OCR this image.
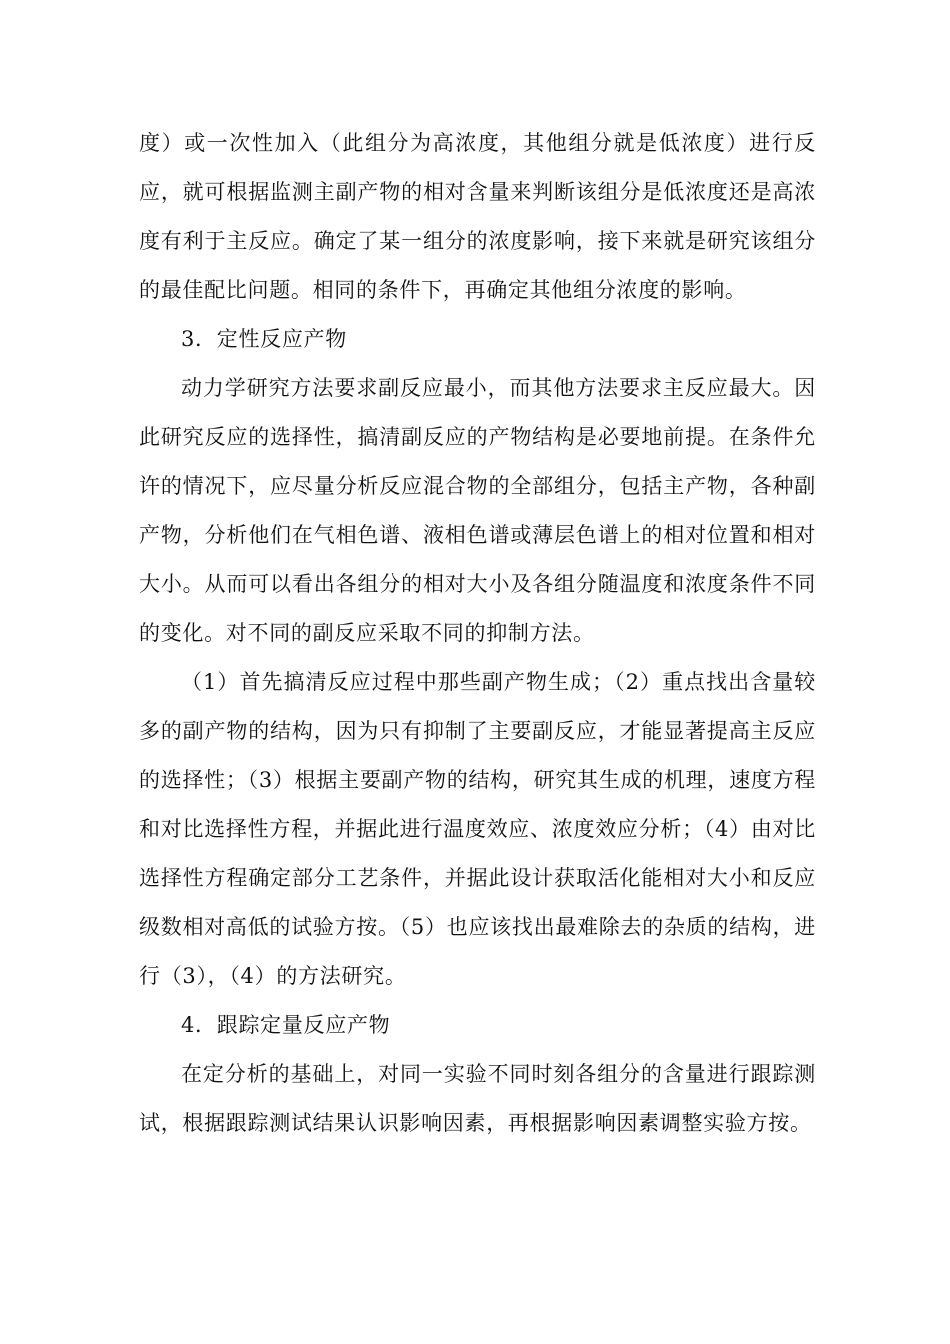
度）或一次性加入（此组分为高浓度，其他组分就是低浓度）进行反应，就可根据监测主副产物的相对含量来判断该组分是低浓度还是高浓度有利于主反应。确定了某一组分的浓度影响，接下来就是研究该组分的最佳配比问题。相同的条件下，再确定其他组分浓度的影响。

3．定性反应产物

动力学研究方法要求副反应最小，而其他方法要求主反应最大。因此研究反应的选择性，搞清副反应的产物结构是必要地前提。在条件允许的情况下，应尽量分析反应混合物的全部组分，包括主产物，各种副产物，分析他们在气相色谱、液相色谱或薄层色谱上的相对位置和相对大小。从而可以看出各组分的相对大小及各组分随温度和浓度条件不同的变化。对不同的副反应采取不同的抑制方法。

（1）首先搞清反应过程中那些副产物生成；（2）重点找出含量较多的副产物的结构，因为只有抑制了主要副反应，才能显著提高主反应的选择性；（3）根据主要副产物的结构，研究其生成的机理，速度方程和对比选择性方程，并据此进行温度效应、浓度效应分析；（4）由对比选择性方程确定部分工艺条件，并据此设计获取活化能相对大小和反应级数相对高低的试验方按。（5）也应该找出最难除去的杂质的结构，进行（3），（4）的方法研究。

4．跟踪定量反应产物

在定分析的基础上，对同一实验不同时刻各组分的含量进行跟踪测试，根据跟踪测试结果认识影响因素，再根据影响因素调整实验方按。
